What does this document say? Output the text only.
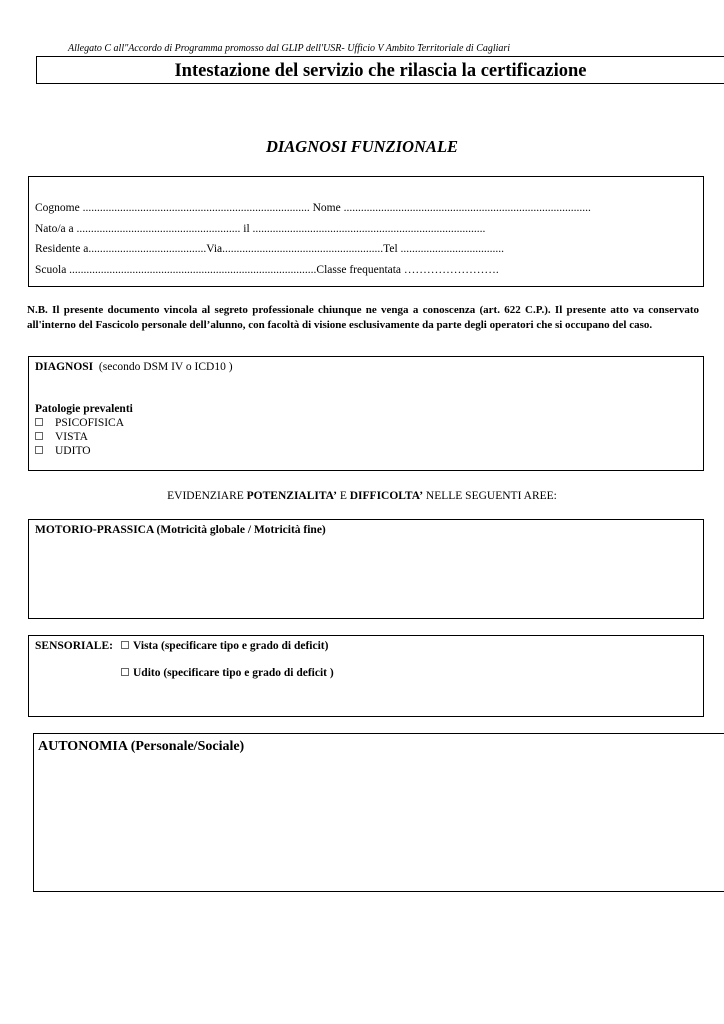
Allegato C all"Accordo di Programma promosso dal GLIP dell'USR- Ufficio V Ambito Territoriale di Cagliari
Intestazione del servizio che rilascia la certificazione
DIAGNOSI FUNZIONALE
Cognome ............................................................................... Nome ......................................................................................
Nato/a a ......................................................... il .................................................................................
Residente a.........................................Via........................................................Tel ....................................
Scuola ......................................................................................Classe frequentata …………………….
N.B. Il presente documento vincola al segreto professionale chiunque ne venga a conoscenza (art. 622 C.P.). Il presente atto va conservato all'interno del Fascicolo personale dell’alunno, con facoltà di visione esclusivamente da parte degli operatori che si occupano del caso.
DIAGNOSI (secondo DSM IV o ICD10 )
Patologie prevalenti
PSICOFISICA
VISTA
UDITO
EVIDENZIARE POTENZIALITA’ E DIFFICOLTA’ NELLE SEGUENTI AREE:
MOTORIO-PRASSICA (Motricità globale / Motricità fine)
SENSORIALE:	Vista (specificare tipo e grado di deficit)
Udito (specificare tipo e grado di deficit )
AUTONOMIA (Personale/Sociale)
